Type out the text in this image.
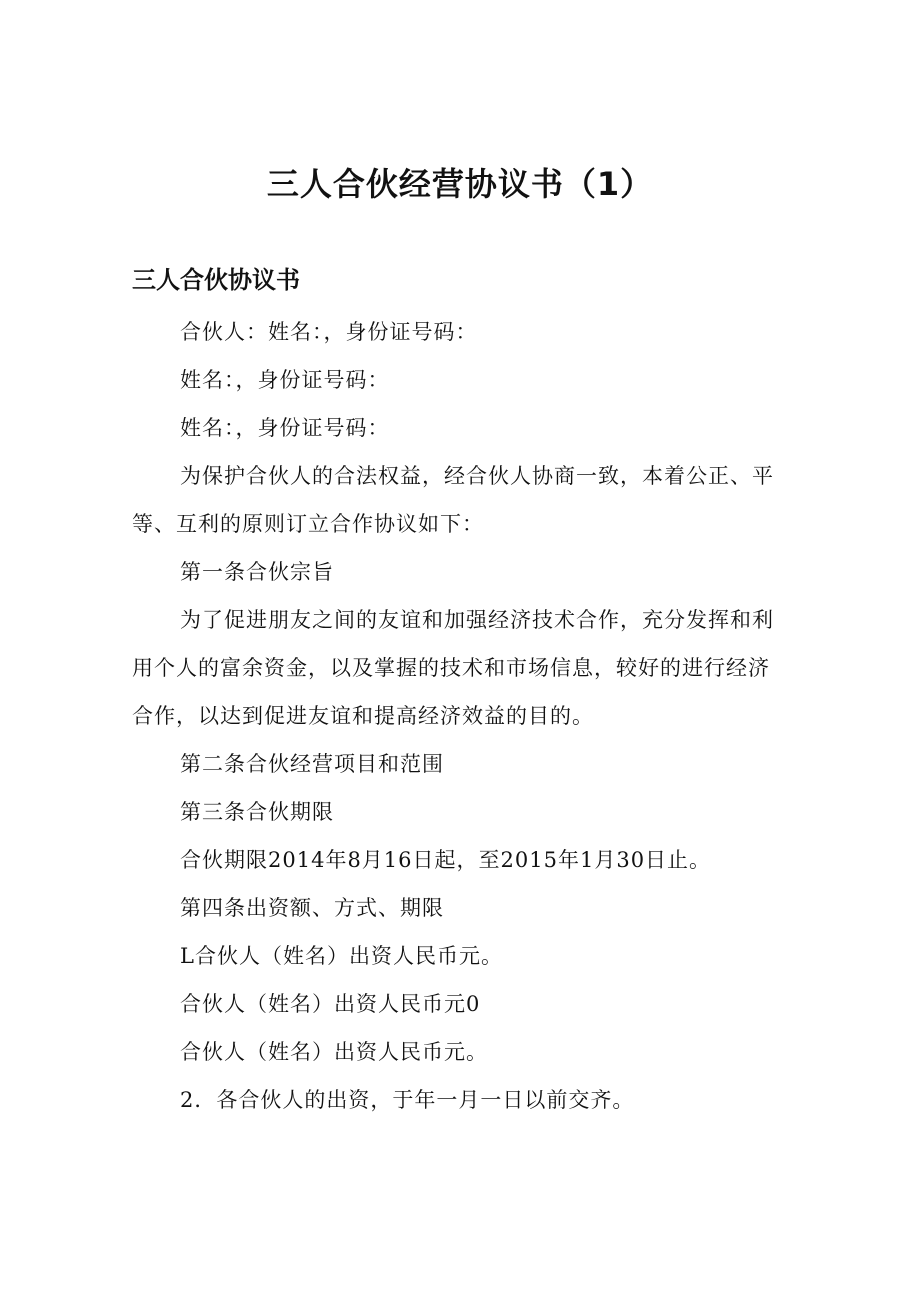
三人合伙经营协议书（1）
三人合伙协议书

合伙人：姓名：，身份证号码：

姓名：，身份证号码：

姓名：，身份证号码：

为保护合伙人的合法权益，经合伙人协商一致，本着公正、平等、互利的原则订立合作协议如下：

第一条合伙宗旨

为了促进朋友之间的友谊和加强经济技术合作，充分发挥和利用个人的富余资金，以及掌握的技术和市场信息，较好的进行经济合作，以达到促进友谊和提高经济效益的目的。

第二条合伙经营项目和范围

第三条合伙期限

合伙期限2014年8月16日起，至2015年1月30日止。

第四条出资额、方式、期限

L合伙人（姓名）出资人民币元。

合伙人（姓名）出资人民币元0

合伙人（姓名）出资人民币元。

2．各合伙人的出资，于年一月一日以前交齐。
